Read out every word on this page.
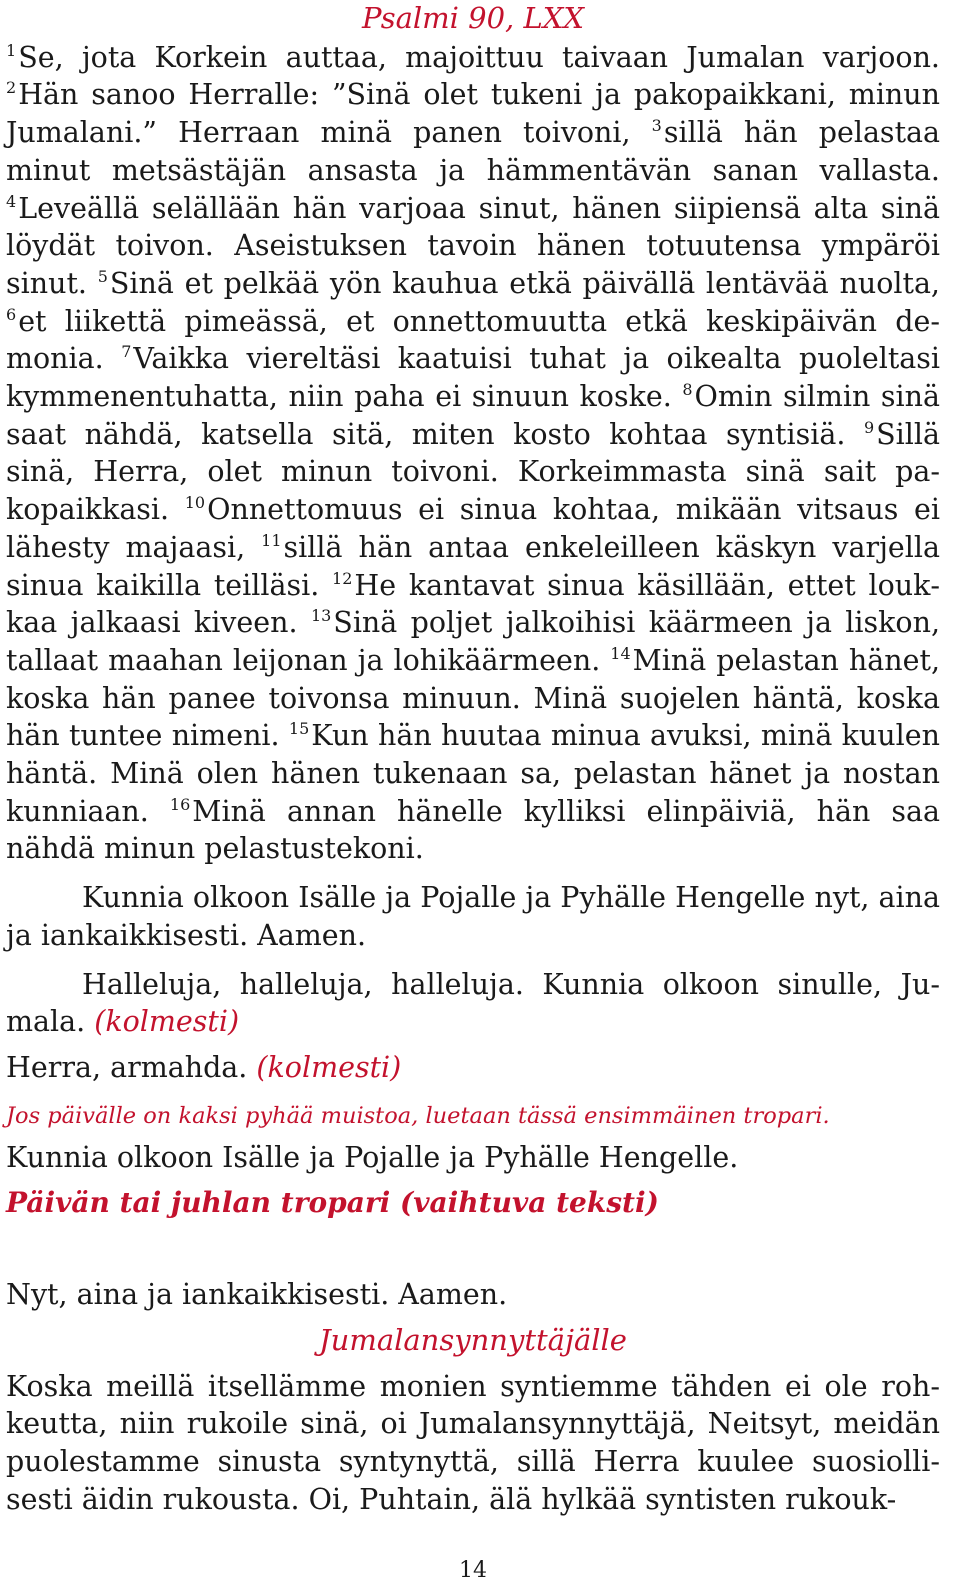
Psalmi 90, LXX

$^1$Se, jota Korkein auttaa, majoittuu taivaan Jumalan varjoon. $^2$Hän sanoo Herralle: ”Sinä olet tukeni ja pakopaikkani, minun Jumalani.” Herraan minä panen toivoni, $^3$sillä hän pelastaa minut metsästäjän ansasta ja hämmentävän sanan vallasta. $^4$Leveällä selällään hän varjoaa sinut, hänen siipiensä alta sinä löydät toivon. Aseistuksen tavoin hänen totuutensa ympäröi sinut. $^5$Sinä et pelkää yön kauhua etkä päivällä lentävää nuolta, $^6$et liikettä pimeässä, et onnettomuutta etkä keskipäivän demonia. $^7$Vaikka viereltäsi kaatuisi tuhat ja oikealta puoleltasi kymmenentuhatta, niin paha ei sinuun koske. $^8$Omin silmin sinä saat nähdä, katsella sitä, miten kosto kohtaa syntisiä. $^9$Sillä sinä, Herra, olet minun toivoni. Korkeimmasta sinä sait pakopaikkasi. $^{10}$Onnettomuus ei sinua kohtaa, mikään vitsaus ei lähesty majaasi, $^{11}$sillä hän antaa enkeleilleen käskyn varjella sinua kaikilla teilläsi. $^{12}$He kantavat sinua käsillään, ettet loukkaa jalkaasi kiveen. $^{13}$Sinä poljet jalkoihisi käärmeen ja liskon, tallaat maahan leijonan ja lohikäärmeen. $^{14}$Minä pelastan hänet, koska hän panee toivonsa minuun. Minä suojelen häntä, koska hän tuntee nimeni. $^{15}$Kun hän huutaa minua avuksi, minä kuulen häntä. Minä olen hänen tukenaan sa, pelastan hänet ja nostan kunniaan. $^{16}$Minä annan hänelle kylliksi elinpäiviä, hän saa nähdä minun pelastustekoni.

Kunnia olkoon Isälle ja Pojalle ja Pyhälle Hengelle nyt, aina ja iankaikkisesti. Aamen.

Halleluja, halleluja, halleluja. Kunnia olkoon sinulle, Jumala. (kolmesti)

Herra, armahda. (kolmesti)

Jos päivälle on kaksi pyhää muistoa, luetaan tässä ensimmäinen tropari.

Kunnia olkoon Isälle ja Pojalle ja Pyhälle Hengelle.

Päivän tai juhlan tropari (vaihtuva teksti)

Nyt, aina ja iankaikkisesti. Aamen.

Jumalansynnyttäjälle

Koska meillä itsellämme monien syntiemme tähden ei ole rohkeutta, niin rukoile sinä, oi Jumalansynnyttäjä, Neitsyt, meidän puolestamme sinusta syntynyttä, sillä Herra kuulee suosiollisesti äidin rukousta. Oi, Puhtain, älä hylkää syntisten rukouk-

14
